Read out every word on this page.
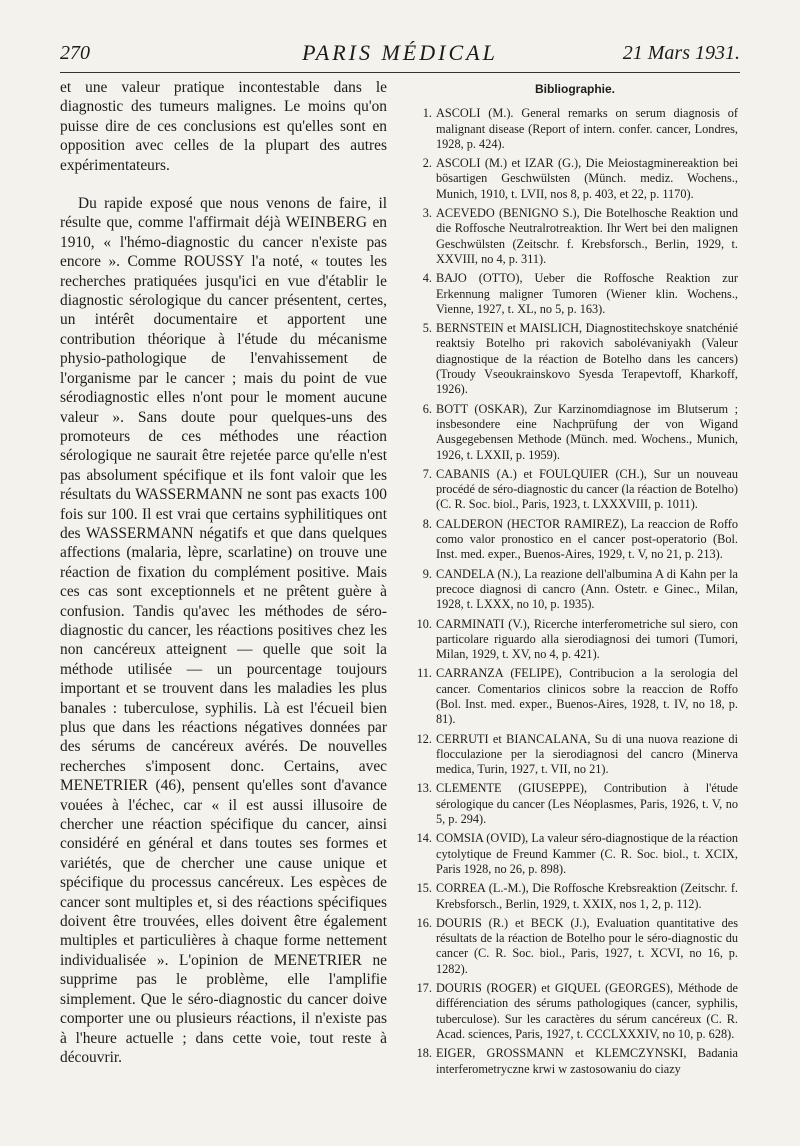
270	PARIS MÉDICAL	21 Mars 1931.

et une valeur pratique incontestable dans le diagnostic des tumeurs malignes. Le moins qu'on puisse dire de ces conclusions est qu'elles sont en opposition avec celles de la plupart des autres expérimentateurs.

Du rapide exposé que nous venons de faire, il résulte que, comme l'affirmait déjà WEINBERG en 1910, « l'hémo-diagnostic du cancer n'existe pas encore ». Comme ROUSSY l'a noté, « toutes les recherches pratiquées jusqu'ici en vue d'établir le diagnostic sérologique du cancer présentent, certes, un intérêt documentaire et apportent une contribution théorique à l'étude du mécanisme physio-pathologique de l'envahissement de l'organisme par le cancer ; mais du point de vue sérodiagnostic elles n'ont pour le moment aucune valeur ». Sans doute pour quelques-uns des promoteurs de ces méthodes une réaction sérologique ne saurait être rejetée parce qu'elle n'est pas absolument spécifique et ils font valoir que les résultats du WASSERMANN ne sont pas exacts 100 fois sur 100. Il est vrai que certains syphilitiques ont des WASSERMANN négatifs et que dans quelques affections (malaria, lèpre, scarlatine) on trouve une réaction de fixation du complément positive. Mais ces cas sont exceptionnels et ne prêtent guère à confusion. Tandis qu'avec les méthodes de séro-diagnostic du cancer, les réactions positives chez les non cancéreux atteignent — quelle que soit la méthode utilisée — un pourcentage toujours important et se trouvent dans les maladies les plus banales : tuberculose, syphilis. Là est l'écueil bien plus que dans les réactions négatives données par des sérums de cancéreux avérés. De nouvelles recherches s'imposent donc. Certains, avec MENETRIER (46), pensent qu'elles sont d'avance vouées à l'échec, car « il est aussi illusoire de chercher une réaction spécifique du cancer, ainsi considéré en général et dans toutes ses formes et variétés, que de chercher une cause unique et spécifique du processus cancéreux. Les espèces de cancer sont multiples et, si des réactions spécifiques doivent être trouvées, elles doivent être également multiples et particulières à chaque forme nettement individualisée ». L'opinion de MENETRIER ne supprime pas le problème, elle l'amplifie simplement. Que le séro-diagnostic du cancer doive comporter une ou plusieurs réactions, il n'existe pas à l'heure actuelle ; dans cette voie, tout reste à découvrir.

Bibliographie.
1. ASCOLI (M.). General remarks on serum diagnosis of malignant disease (Report of intern. confer. cancer, Londres, 1928, p. 424).
2. ASCOLI (M.) et IZAR (G.), Die Meiostagminereaktion bei bösartigen Geschwülsten (Münch. mediz. Wochens., Munich, 1910, t. LVII, nos 8, p. 403, et 22, p. 1170).
3. ACEVEDO (BENIGNO S.), Die Botelhosche Reaktion und die Roffosche Neutralrotreaktion. Ihr Wert bei den malignen Geschwülsten (Zeitschr. f. Krebsforsch., Berlin, 1929, t. XXVIII, no 4, p. 311).
4. BAJO (OTTO), Ueber die Roffosche Reaktion zur Erkennung maligner Tumoren (Wiener klin. Wochens., Vienne, 1927, t. XL, no 5, p. 163).
5. BERNSTEIN et MAISLICH, Diagnostitechskoye snatchénié reaktsiy Botelho pri rakovich sabolévaniyakh (Valeur diagnostique de la réaction de Botelho dans les cancers) (Troudy Vseoukrainskovo Syesda Terapevtoff, Kharkoff, 1926).
6. BOTT (OSKAR), Zur Karzinomdiagnose im Blutserum ; insbesondere eine Nachprüfung der von Wigand Ausgegebensen Methode (Münch. med. Wochens., Munich, 1926, t. LXXII, p. 1959).
7. CABANIS (A.) et FOULQUIER (CH.), Sur un nouveau procédé de séro-diagnostic du cancer (la réaction de Botelho) (C. R. Soc. biol., Paris, 1923, t. LXXXVIII, p. 1011).
8. CALDERON (HECTOR RAMIREZ), La reaccion de Roffo como valor pronostico en el cancer post-operatorio (Bol. Inst. med. exper., Buenos-Aires, 1929, t. V, no 21, p. 213).
9. CANDELA (N.), La reazione dell'albumina A di Kahn per la precoce diagnosi di cancro (Ann. Ostetr. e Ginec., Milan, 1928, t. LXXX, no 10, p. 1935).
10. CARMINATI (V.), Ricerche interferometriche sul siero, con particolare riguardo alla sierodiagnosi dei tumori (Tumori, Milan, 1929, t. XV, no 4, p. 421).
11. CARRANZA (FELIPE), Contribucion a la serologia del cancer. Comentarios clinicos sobre la reaccion de Roffo (Bol. Inst. med. exper., Buenos-Aires, 1928, t. IV, no 18, p. 81).
12. CERRUTI et BIANCALANA, Su di una nuova reazione di flocculazione per la sierodiagnosi del cancro (Minerva medica, Turin, 1927, t. VII, no 21).
13. CLEMENTE (GIUSEPPE), Contribution à l'étude sérologique du cancer (Les Néoplasmes, Paris, 1926, t. V, no 5, p. 294).
14. COMSIA (OVID), La valeur séro-diagnostique de la réaction cytolytique de Freund Kammer (C. R. Soc. biol., t. XCIX, Paris 1928, no 26, p. 898).
15. CORREA (L.-M.), Die Roffosche Krebsreaktion (Zeitschr. f. Krebsforsch., Berlin, 1929, t. XXIX, nos 1, 2, p. 112).
16. DOURIS (R.) et BECK (J.), Evaluation quantitative des résultats de la réaction de Botelho pour le séro-diagnostic du cancer (C. R. Soc. biol., Paris, 1927, t. XCVI, no 16, p. 1282).
17. DOURIS (ROGER) et GIQUEL (GEORGES), Méthode de différenciation des sérums pathologiques (cancer, syphilis, tuberculose). Sur les caractères du sérum cancéreux (C. R. Acad. sciences, Paris, 1927, t. CCCLXXXIV, no 10, p. 628).
18. EIGER, GROSSMANN et KLEMCZYNSKI, Badania interferometryczne krwi w zastosowaniu do ciazy
